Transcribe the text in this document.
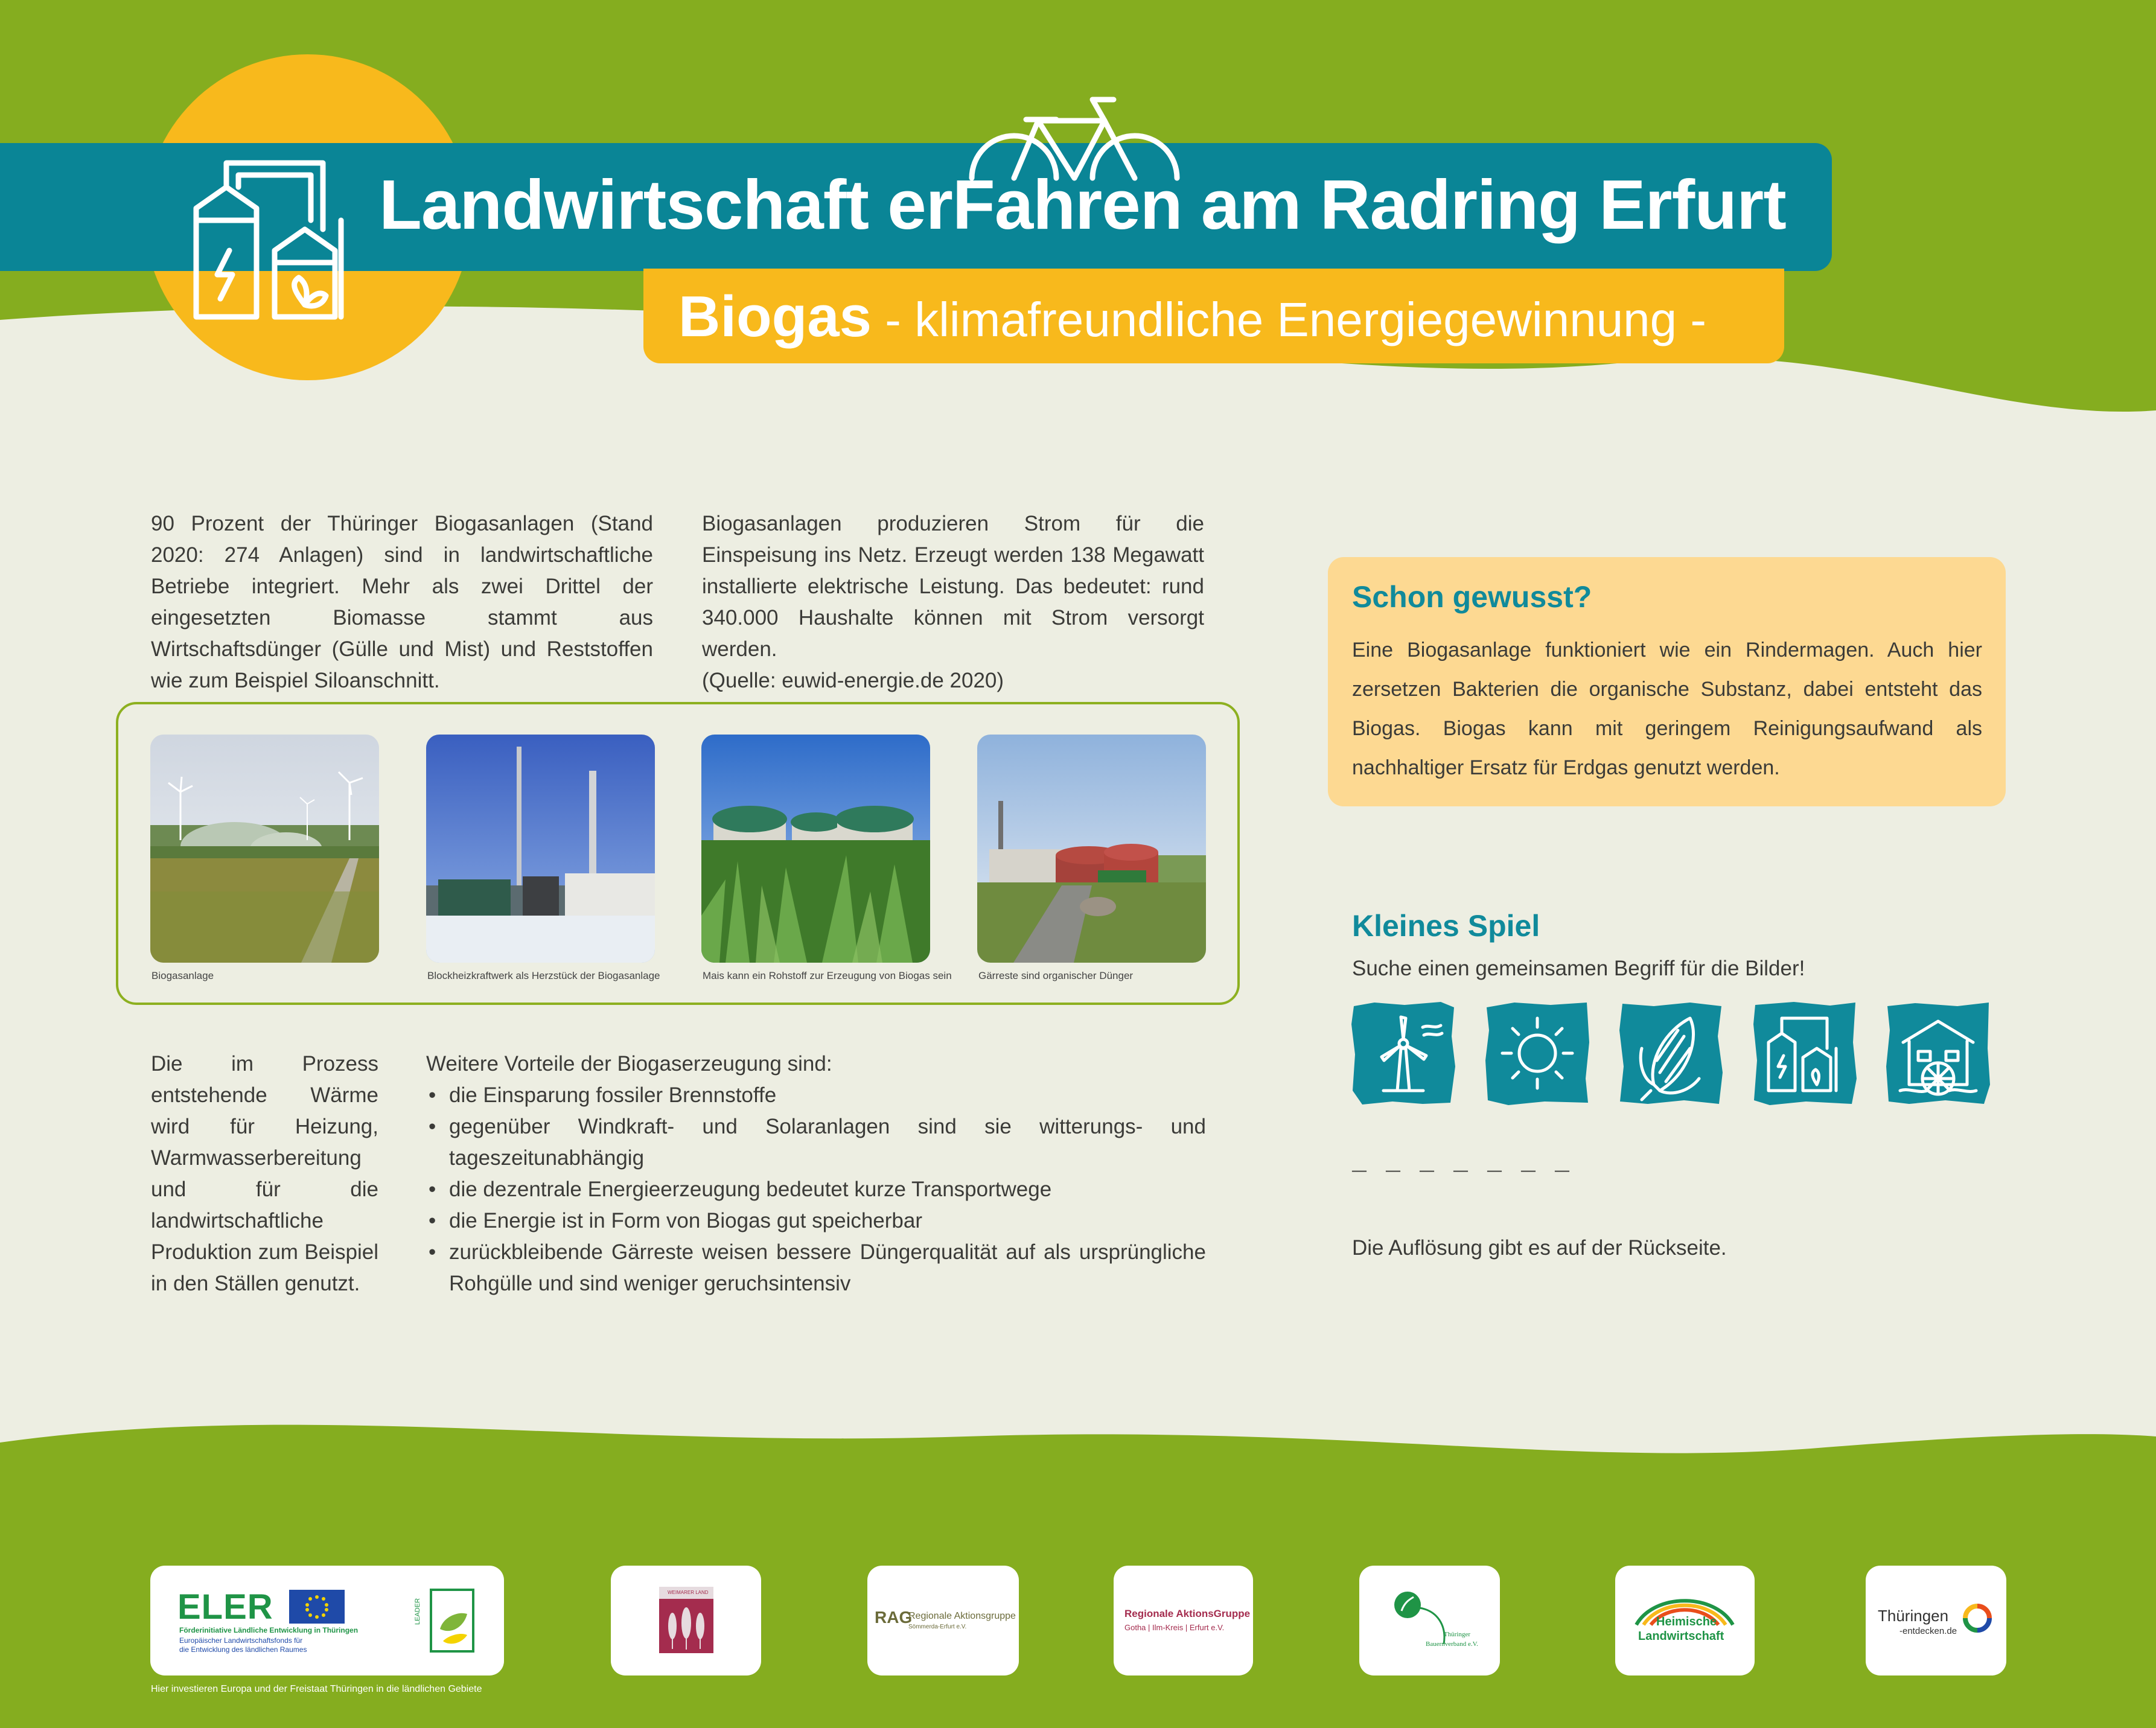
Landwirtschaft erFahren am Radring Erfurt
Biogas - klimafreundliche Energiegewinnung -

90 Prozent der Thüringer Biogasanlagen (Stand 2020: 274 Anlagen) sind in landwirtschaftliche Betriebe integriert. Mehr als zwei Drittel der eingesetzten Biomasse stammt aus Wirtschaftsdünger (Gülle und Mist) und Reststoffen wie zum Beispiel Siloanschnitt.

Biogasanlagen produzieren Strom für die Einspeisung ins Netz. Erzeugt werden 138 Megawatt installierte elektrische Leistung. Das bedeutet: rund 340.000 Haushalte können mit Strom versorgt werden.

(Quelle: euwid-energie.de 2020)

Biogasanlage	Blockheizkraftwerk als Herzstück der Biogasanlage	Mais kann ein Rohstoff zur Erzeugung von Biogas sein	Gärreste sind organischer Dünger

Die im Prozess entstehende Wärme wird für Heizung, Warmwasserbereitung und für die landwirtschaftliche Produktion zum Beispiel in den Ställen genutzt.

Weitere Vorteile der Biogaserzeugung sind:

• die Einsparung fossiler Brennstoffe
• gegenüber Windkraft- und Solaranlagen sind sie witterungs- und tageszeitunabhängig
• die dezentrale Energieerzeugung bedeutet kurze Transportwege
• die Energie ist in Form von Biogas gut speicherbar
• zurückbleibende Gärreste weisen bessere Düngerqualität auf als ursprüngliche Rohgülle und sind weniger geruchsintensiv
Schon gewusst?
Eine Biogasanlage funktioniert wie ein Rindermagen. Auch hier zersetzen Bakterien die organische Substanz, dabei entsteht das Biogas. Biogas kann mit geringem Reinigungsaufwand als nachhaltiger Ersatz für Erdgas genutzt werden.
Kleines Spiel
Suche einen gemeinsamen Begriff für die Bilder!
_ _ _ _ _ _ _
Die Auflösung gibt es auf der Rückseite.
ELER
Förderinitiative Ländliche Entwicklung in Thüringen
Europäischer Landwirtschaftsfonds für
die Entwicklung des ländlichen Raumes
LEADER
WEIMARER LAND
RAG
Regionale Aktionsgruppe
Sömmerda-Erfurt e.V.
Regionale AktionsGruppe
Gotha | Ilm-Kreis | Erfurt e.V.
Thüringer
Bauernverband e.V.
Heimische
Landwirtschaft
Thüringen
-entdecken.de
Hier investieren Europa und der Freistaat Thüringen in die ländlichen Gebiete
